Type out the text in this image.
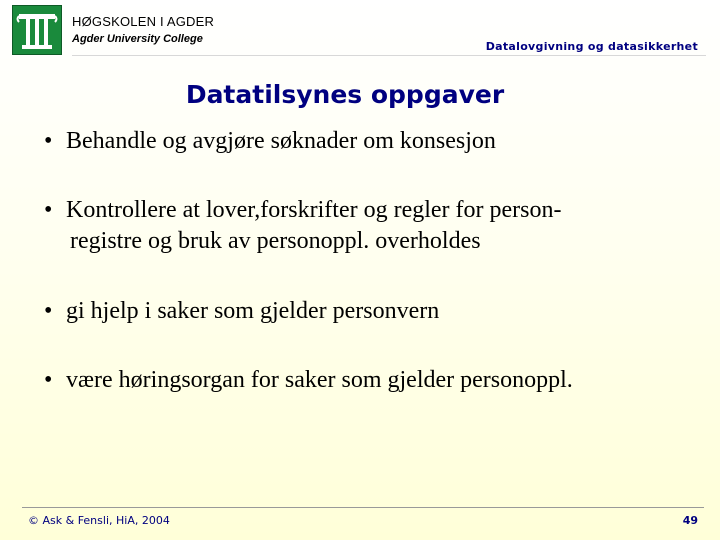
HØGSKOLEN I AGDER
Agder University College
Datalovgivning og datasikkerhet
Datatilsynes oppgaver
• Behandle og avgjøre søknader om konsesjon
• Kontrollere at lover,forskrifter og regler for person-
registre og bruk av personoppl. overholdes
• gi hjelp i saker som gjelder personvern
• være høringsorgan for saker som gjelder personoppl.
© Ask & Fensli, HiA, 2004	49
